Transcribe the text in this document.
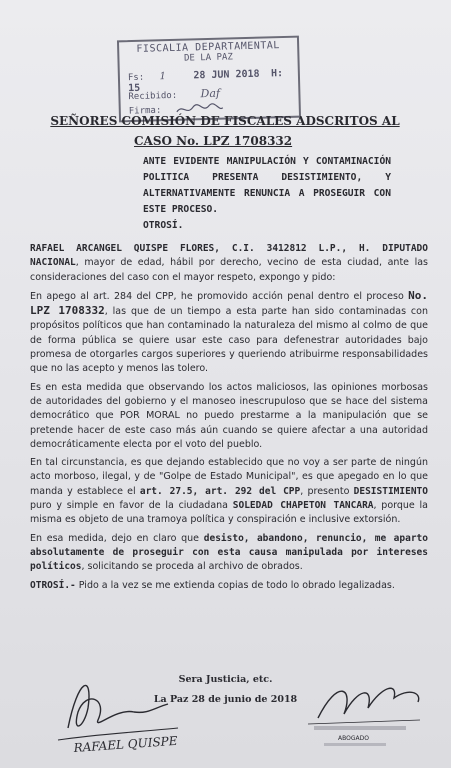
FISCALIA DEPARTAMENTAL
DE LA PAZ
Fs: 1	28 JUN 2018 H: 15
Recibido: Daf
Firma:
SEÑORES COMISIÓN DE FISCALES ADSCRITOS AL
CASO No. LPZ 1708332
ANTE EVIDENTE MANIPULACIÓN Y CONTAMINACIÓN POLITICA PRESENTA DESISTIMIENTO, Y ALTERNATIVAMENTE RENUNCIA A PROSEGUIR CON ESTE PROCESO.
OTROSÍ.

RAFAEL ARCANGEL QUISPE FLORES, C.I. 3412812 L.P., H. DIPUTADO NACIONAL, mayor de edad, hábil por derecho, vecino de esta ciudad, ante las consideraciones del caso con el mayor respeto, expongo y pido:

En apego al art. 284 del CPP, he promovido acción penal dentro el proceso No. LPZ 1708332, las que de un tiempo a esta parte han sido contaminadas con propósitos políticos que han contaminado la naturaleza del mismo al colmo de que de forma pública se quiere usar este caso para defenestrar autoridades bajo promesa de otorgarles cargos superiores y queriendo atribuirme responsabilidades que no las acepto y menos las tolero.

Es en esta medida que observando los actos maliciosos, las opiniones morbosas de autoridades del gobierno y el manoseo inescrupuloso que se hace del sistema democrático que POR MORAL no puedo prestarme a la manipulación que se pretende hacer de este caso más aún cuando se quiere afectar a una autoridad democráticamente electa por el voto del pueblo.

En tal circunstancia, es que dejando establecido que no voy a ser parte de ningún acto morboso, ilegal, y de "Golpe de Estado Municipal", es que apegado en lo que manda y establece el art. 27.5, art. 292 del CPP, presento DESISTIMIENTO puro y simple en favor de la ciudadana SOLEDAD CHAPETON TANCARA, porque la misma es objeto de una tramoya política y conspiración e inclusive extorsión.

En esa medida, dejo en claro que desisto, abandono, renuncio, me aparto absolutamente de proseguir con esta causa manipulada por intereses políticos, solicitando se proceda al archivo de obrados.

OTROSÍ.- Pido a la vez se me extienda copias de todo lo obrado legalizadas.

Sera Justicia, etc.
La Paz 28 de junio de 2018
RAFAEL QUISPE	ABOGADO
